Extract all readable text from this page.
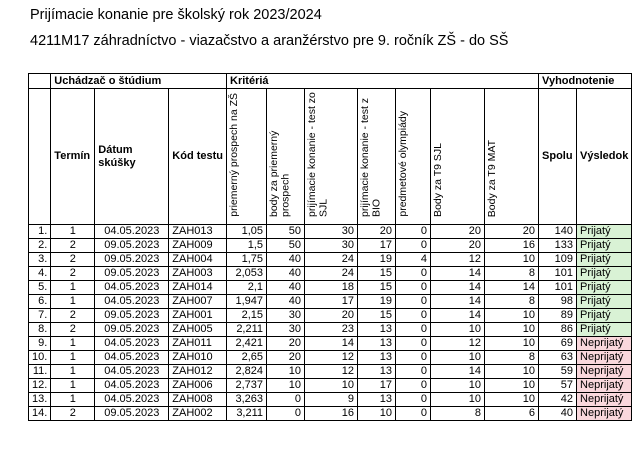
Prijímacie konanie pre školský rok 2023/2024
4211M17 záhradníctvo - viazačstvo a aranžérstvo pre 9. ročník ZŠ - do SŠ
	Uchádzač o štúdium			Kritériá							Vyhodnotenie	
	Termín	Dátum skúšky	Kód testu	priemerný prospech na ZŠ	body za priemerný prospech	prijímacie konanie - test zo SJL	prijímacie konanie - test z BIO	predmetové olympiády	Body za T9 SJL	Body za T9 MAT	Spolu	Výsledok
1.	1	04.05.2023	ZAH013	1,05	50	30	20	0	20	20	140	Prijatý
2.	2	09.05.2023	ZAH009	1,5	50	30	17	0	20	16	133	Prijatý
3.	2	09.05.2023	ZAH004	1,75	40	24	19	4	12	10	109	Prijatý
4.	2	09.05.2023	ZAH003	2,053	40	24	15	0	14	8	101	Prijatý
5.	1	04.05.2023	ZAH014	2,1	40	18	15	0	14	14	101	Prijatý
6.	1	04.05.2023	ZAH007	1,947	40	17	19	0	14	8	98	Prijatý
7.	2	09.05.2023	ZAH001	2,15	30	20	15	0	14	10	89	Prijatý
8.	2	09.05.2023	ZAH005	2,211	30	23	13	0	10	10	86	Prijatý
9.	1	04.05.2023	ZAH011	2,421	20	14	13	0	12	10	69	Neprijatý
10.	1	04.05.2023	ZAH010	2,65	20	12	13	0	10	8	63	Neprijatý
11.	1	04.05.2023	ZAH012	2,824	10	12	13	0	14	10	59	Neprijatý
12.	1	04.05.2023	ZAH006	2,737	10	10	17	0	10	10	57	Neprijatý
13.	1	04.05.2023	ZAH008	3,263	0	9	13	0	10	10	42	Neprijatý
14.	2	09.05.2023	ZAH002	3,211	0	16	10	0	8	6	40	Neprijatý
